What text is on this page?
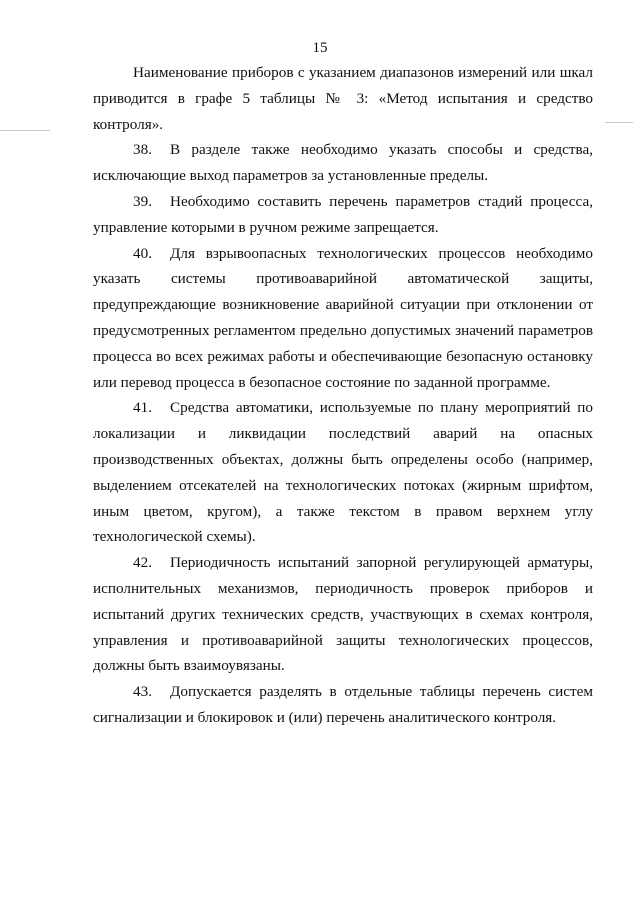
15

Наименование приборов с указанием диапазонов измерений или шкал приводится в графе 5 таблицы № 3: «Метод испытания и средство контроля».

38. В разделе также необходимо указать способы и средства, исключающие выход параметров за установленные пределы.

39. Необходимо составить перечень параметров стадий процесса, управление которыми в ручном режиме запрещается.

40. Для взрывоопасных технологических процессов необходимо указать системы противоаварийной автоматической защиты, предупреждающие возникновение аварийной ситуации при отклонении от предусмотренных регламентом предельно допустимых значений параметров процесса во всех режимах работы и обеспечивающие безопасную остановку или перевод процесса в безопасное состояние по заданной программе.

41. Средства автоматики, используемые по плану мероприятий по локализации и ликвидации последствий аварий на опасных производственных объектах, должны быть определены особо (например, выделением отсекателей на технологических потоках (жирным шрифтом, иным цветом, кругом), а также текстом в правом верхнем углу технологической схемы).

42. Периодичность испытаний запорной регулирующей арматуры, исполнительных механизмов, периодичность проверок приборов и испытаний других технических средств, участвующих в схемах контроля, управления и противоаварийной защиты технологических процессов, должны быть взаимоувязаны.

43. Допускается разделять в отдельные таблицы перечень систем сигнализации и блокировок и (или) перечень аналитического контроля.
